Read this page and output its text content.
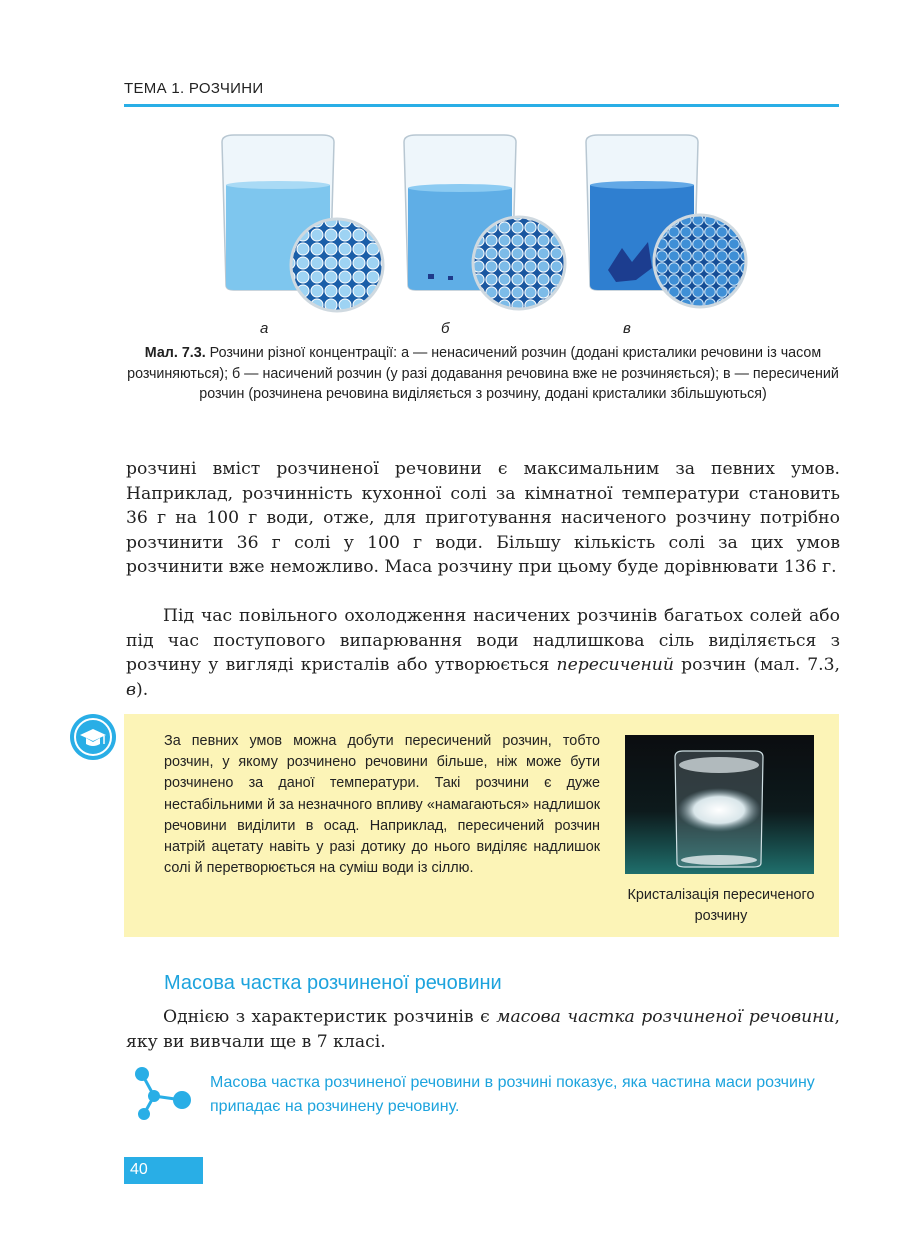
ТЕМА 1. РОЗЧИНИ
а	б	в
Мал. 7.3. Розчини різної концентрації: а — ненасичений розчин (додані кристалики речовини із часом розчиняються); б — насичений розчин (у разі додавання речовина вже не розчиняється); в — пересичений розчин (розчинена речовина виділяється з розчину, додані кристалики збільшуються)
розчині вміст розчиненої речовини є максимальним за певних умов. Наприклад, розчинність кухонної солі за кімнатної температури становить 36 г на 100 г води, отже, для приготування насиченого розчину потрібно розчинити 36 г солі у 100 г води. Більшу кількість солі за цих умов розчинити вже неможливо. Маса розчину при цьому буде дорівнювати 136 г.
Під час повільного охолодження насичених розчинів багатьох солей або під час поступового випарювання води надлишкова сіль виділяється з розчину у вигляді кристалів або утворюється пересичений розчин (мал. 7.3, в).
За певних умов можна добути пересичений розчин, тобто розчин, у якому розчинено речовини більше, ніж може бути розчинено за даної температури. Такі розчини є дуже нестабільними й за незначного впливу «намагаються» надлишок речовини виділити в осад. Наприклад, пересичений розчин натрій ацетату навіть у разі дотику до нього виділяє надлишок солі й перетворюється на суміш води із сіллю.
Кристалізація пересиченого розчину
Масова частка розчиненої речовини
Однією з характеристик розчинів є масова частка розчиненої речовини, яку ви вивчали ще в 7 класі.
Масова частка розчиненої речовини в розчині показує, яка частина маси розчину припадає на розчинену речовину.
40
